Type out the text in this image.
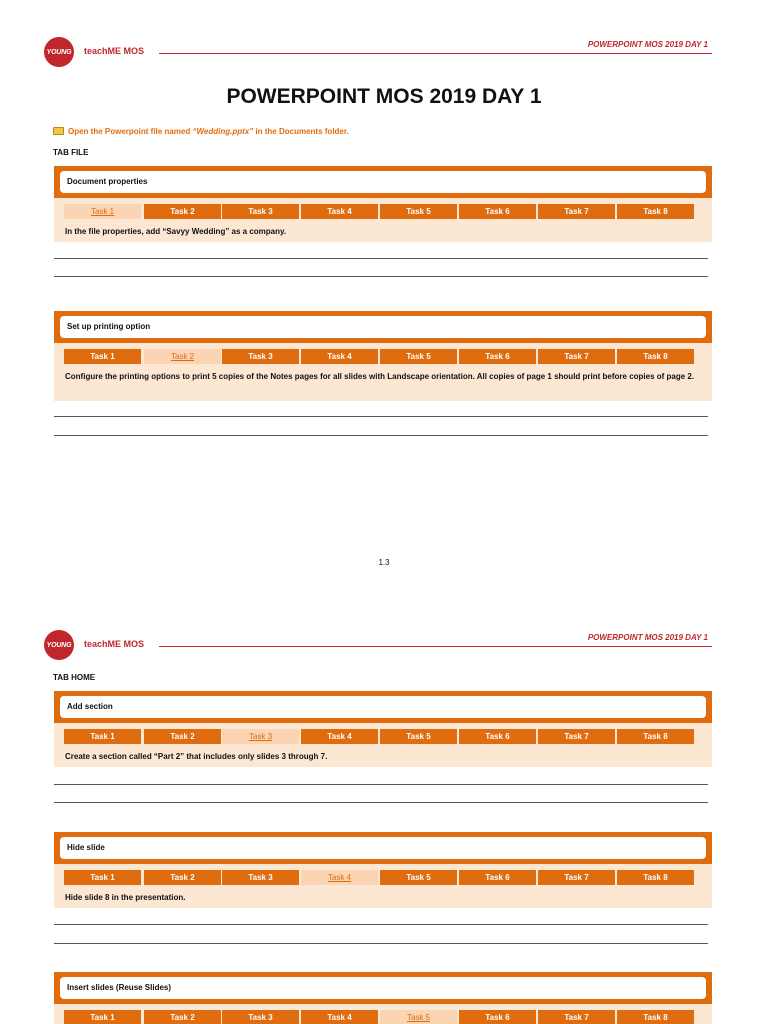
YOUNG teachME MOS
POWERPOINT MOS 2019 DAY 1
POWERPOINT MOS 2019 DAY 1
Open the Powerpoint file named “Wedding.pptx” in the Documents folder.
TAB FILE
Document properties
Task 1	Task 2	Task 3	Task 4	Task 5	Task 6	Task 7	Task 8
In the file properties, add “Savyy Wedding” as a company.
Set up printing option
Task 1	Task 2	Task 3	Task 4	Task 5	Task 6	Task 7	Task 8
Configure the printing options to print 5 copies of the Notes pages for all slides with Landscape orientation. All copies of page 1 should print before copies of page 2.
1.3
YOUNG teachME MOS
POWERPOINT MOS 2019 DAY 1
TAB HOME
Add section
Task 1	Task 2	Task 3	Task 4	Task 5	Task 6	Task 7	Task 8
Create a section called “Part 2” that includes only slides 3 through 7.
Hide slide
Task 1	Task 2	Task 3	Task 4	Task 5	Task 6	Task 7	Task 8
Hide slide 8 in the presentation.
Insert slides (Reuse Slides)
Task 1	Task 2	Task 3	Task 4	Task 5	Task 6	Task 7	Task 8
